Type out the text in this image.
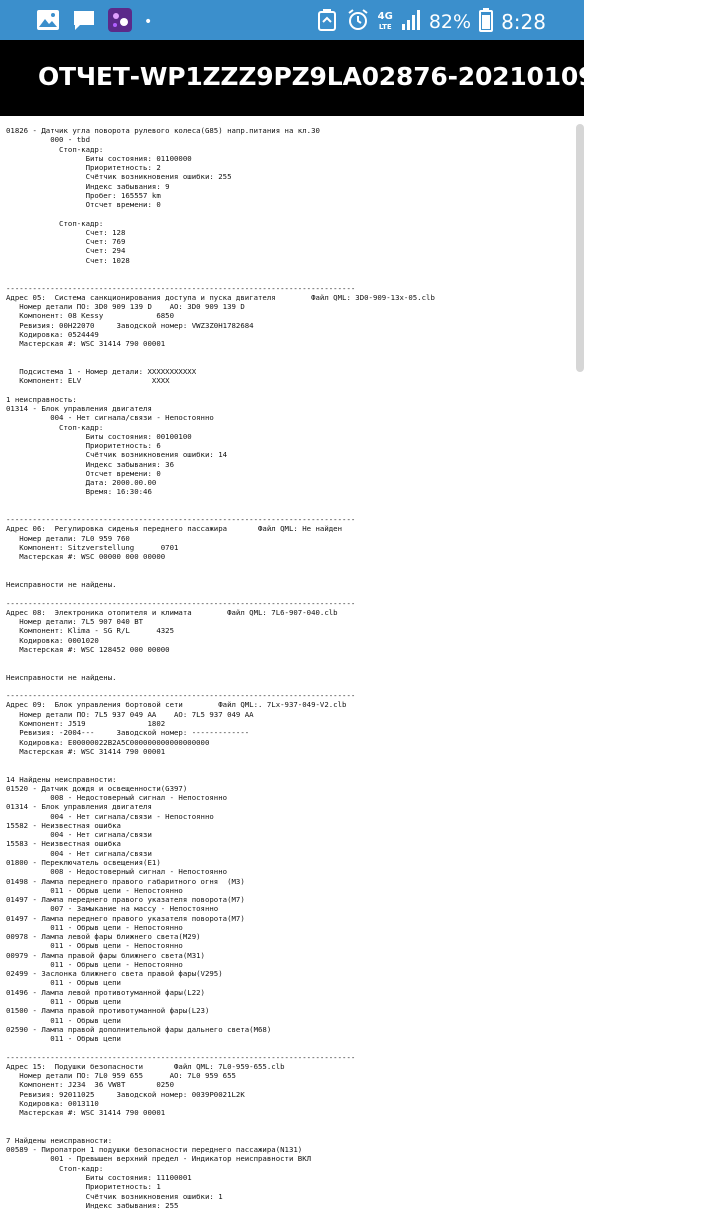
•	4G
LTE 82% 8:28
ОТЧЕТ-WP1ZZZ9PZ9LA02876-20210109-1337...
01826 - Датчик угла поворота рулевого колеса(G85) напр.питания на кл.30
000 - tbd
Стоп-кадр:
Биты состояния: 01100000
Приоритетность: 2
Счётчик возникновения ошибки: 255
Индекс забывания: 9
Пробег: 165557 km
Отсчет времени: 0

Стоп-кадр:
Счет: 128
Счет: 769
Счет: 294
Счет: 1028

-------------------------------------------------------------------------------
Адрес 05:  Система санкционирования доступа и пуска двигателя        Файл QML: 3D0-909-13x-05.clb
Номер детали ПО: 3D0 909 139 D    AO: 3D0 909 139 D
Компонент: 08 Kessy            6850
Ревизия: 00H22070     Заводской номер: VWZ3Z0H1782684
Кодировка: 0524449
Мастерская #: WSC 31414 790 00001

Подсистема 1 - Номер детали: XXXXXXXXXXX
Компонент: ELV                XXXX

1 неисправность:
01314 - Блок управления двигателя
004 - Нет сигнала/связи - Непостоянно
Стоп-кадр:
Биты состояния: 00100100
Приоритетность: 6
Счётчик возникновения ошибки: 14
Индекс забывания: 36
Отсчет времени: 0
Дата: 2000.00.00
Время: 16:30:46

-------------------------------------------------------------------------------
Адрес 06:  Регулировка сиденья переднего пассажира       Файл QML: Не найден
Номер детали: 7L0 959 760
Компонент: Sitzverstellung      0701
Мастерская #: WSC 00000 000 00000

Неисправности не найдены.

-------------------------------------------------------------------------------
Адрес 08:  Электроника отопителя и климата        Файл QML: 7L6-907-040.clb
Номер детали: 7L5 907 040 BT
Компонент: Klima - SG R/L      4325
Кодировка: 0001020
Мастерская #: WSC 128452 000 00000

Неисправности не найдены.

-------------------------------------------------------------------------------
Адрес 09:  Блок управления бортовой сети        Файл QML:. 7Lx-937-049-V2.clb
Номер детали ПО: 7L5 937 049 AA    AO: 7L5 937 049 AA
Компонент: J519              1802
Ревизия: -2004---     Заводской номер: -------------
Кодировка: E00000022B2A5C000000000000000000
Мастерская #: WSC 31414 790 00001

14 Найдены неисправности:
01520 - Датчик дождя и освещенности(G397)
008 - Недостоверный сигнал - Непостоянно
01314 - Блок управления двигателя
004 - Нет сигнала/связи - Непостоянно
15582 - Неизвестная ошибка
004 - Нет сигнала/связи
15583 - Неизвестная ошибка
004 - Нет сигнала/связи
01800 - Переключатель освещения(E1)
008 - Недостоверный сигнал - Непостоянно
01498 - Лампа переднего правого габаритного огня  (M3)
011 - Обрыв цепи - Непостоянно
01497 - Лампа переднего правого указателя поворота(M7)
007 - Замыкание на массу - Непостоянно
01497 - Лампа переднего правого указателя поворота(M7)
011 - Обрыв цепи - Непостоянно
00978 - Лампа левой фары ближнего света(M29)
011 - Обрыв цепи - Непостоянно
00979 - Лампа правой фары ближнего света(M31)
011 - Обрыв цепи - Непостоянно
02499 - Заслонка ближнего света правой фары(V295)
011 - Обрыв цепи
01496 - Лампа левой противотуманной фары(L22)
011 - Обрыв цепи
01500 - Лампа правой противотуманной фары(L23)
011 - Обрыв цепи
02590 - Лампа правой дополнительной фары дальнего света(M68)
011 - Обрыв цепи

-------------------------------------------------------------------------------
Адрес 15:  Подушки безопасности       Файл QML: 7L0-959-655.clb
Номер детали ПО: 7L0 959 655      AO: 7L0 959 655
Компонент: J234  36 VW8T       0250
Ревизия: 92011025     Заводской номер: 0039P0021L2K
Кодировка: 0013110
Мастерская #: WSC 31414 790 00001

7 Найдены неисправности:
00589 - Пиропатрон 1 подушки безопасности переднего пассажира(N131)
001 - Превышен верхний предел - Индикатор неисправности ВКЛ
Стоп-кадр:
Биты состояния: 11100001
Приоритетность: 1
Счётчик возникновения ошибки: 1
Индекс забывания: 255
